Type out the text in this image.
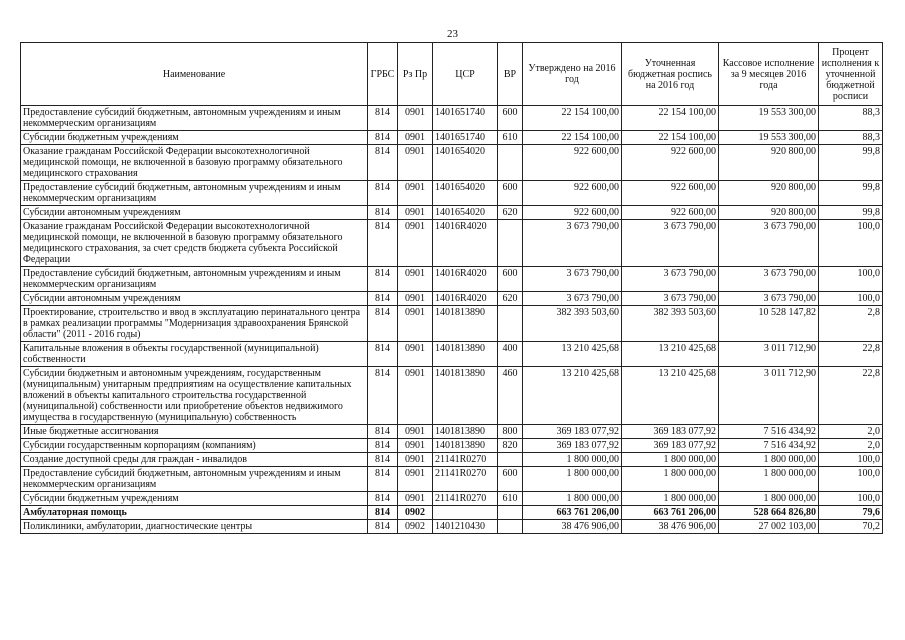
23
Наименование	ГРБС	Рз Пр	ЦСР	ВР	Утверждено на 2016 год	Уточненная бюджетная роспись на 2016 год	Кассовое исполнение за 9 месяцев 2016 года	Процент исполнения к уточненной бюджетной росписи
Предоставление субсидий бюджетным, автономным учреждениям и иным некоммерческим организациям	814	0901	1401651740	600	22 154 100,00	22 154 100,00	19 553 300,00	88,3
Субсидии бюджетным учреждениям	814	0901	1401651740	610	22 154 100,00	22 154 100,00	19 553 300,00	88,3
Оказание гражданам Российской Федерации высокотехнологичной медицинской помощи, не включенной в базовую программу обязательного медицинского страхования	814	0901	1401654020		922 600,00	922 600,00	920 800,00	99,8
Предоставление субсидий бюджетным, автономным учреждениям и иным некоммерческим организациям	814	0901	1401654020	600	922 600,00	922 600,00	920 800,00	99,8
Субсидии автономным учреждениям	814	0901	1401654020	620	922 600,00	922 600,00	920 800,00	99,8
Оказание гражданам Российской Федерации высокотехнологичной медицинской помощи, не включенной в базовую программу обязательного медицинского страхования, за счет средств бюджета субъекта Российской Федерации	814	0901	14016R4020		3 673 790,00	3 673 790,00	3 673 790,00	100,0
Предоставление субсидий бюджетным, автономным учреждениям и иным некоммерческим организациям	814	0901	14016R4020	600	3 673 790,00	3 673 790,00	3 673 790,00	100,0
Субсидии автономным учреждениям	814	0901	14016R4020	620	3 673 790,00	3 673 790,00	3 673 790,00	100,0
Проектирование, строительство и ввод в эксплуатацию перинатального центра в рамках реализации программы "Модернизация здравоохранения Брянской области" (2011 - 2016 годы)	814	0901	1401813890		382 393 503,60	382 393 503,60	10 528 147,82	2,8
Капитальные вложения в объекты государственной (муниципальной) собственности	814	0901	1401813890	400	13 210 425,68	13 210 425,68	3 011 712,90	22,8
Субсидии бюджетным и автономным учреждениям, государственным (муниципальным) унитарным предприятиям на осуществление капитальных вложений в объекты капитального строительства государственной (муниципальной) собственности или приобретение объектов недвижимого имущества в государственную (муниципальную) собственность	814	0901	1401813890	460	13 210 425,68	13 210 425,68	3 011 712,90	22,8
Иные бюджетные ассигнования	814	0901	1401813890	800	369 183 077,92	369 183 077,92	7 516 434,92	2,0
Субсидии государственным корпорациям (компаниям)	814	0901	1401813890	820	369 183 077,92	369 183 077,92	7 516 434,92	2,0
Создание доступной среды для граждан - инвалидов	814	0901	21141R0270		1 800 000,00	1 800 000,00	1 800 000,00	100,0
Предоставление субсидий бюджетным, автономным учреждениям и иным некоммерческим организациям	814	0901	21141R0270	600	1 800 000,00	1 800 000,00	1 800 000,00	100,0
Субсидии бюджетным учреждениям	814	0901	21141R0270	610	1 800 000,00	1 800 000,00	1 800 000,00	100,0
Амбулаторная помощь	814	0902			663 761 206,00	663 761 206,00	528 664 826,80	79,6
Поликлиники, амбулатории, диагностические центры	814	0902	1401210430		38 476 906,00	38 476 906,00	27 002 103,00	70,2
